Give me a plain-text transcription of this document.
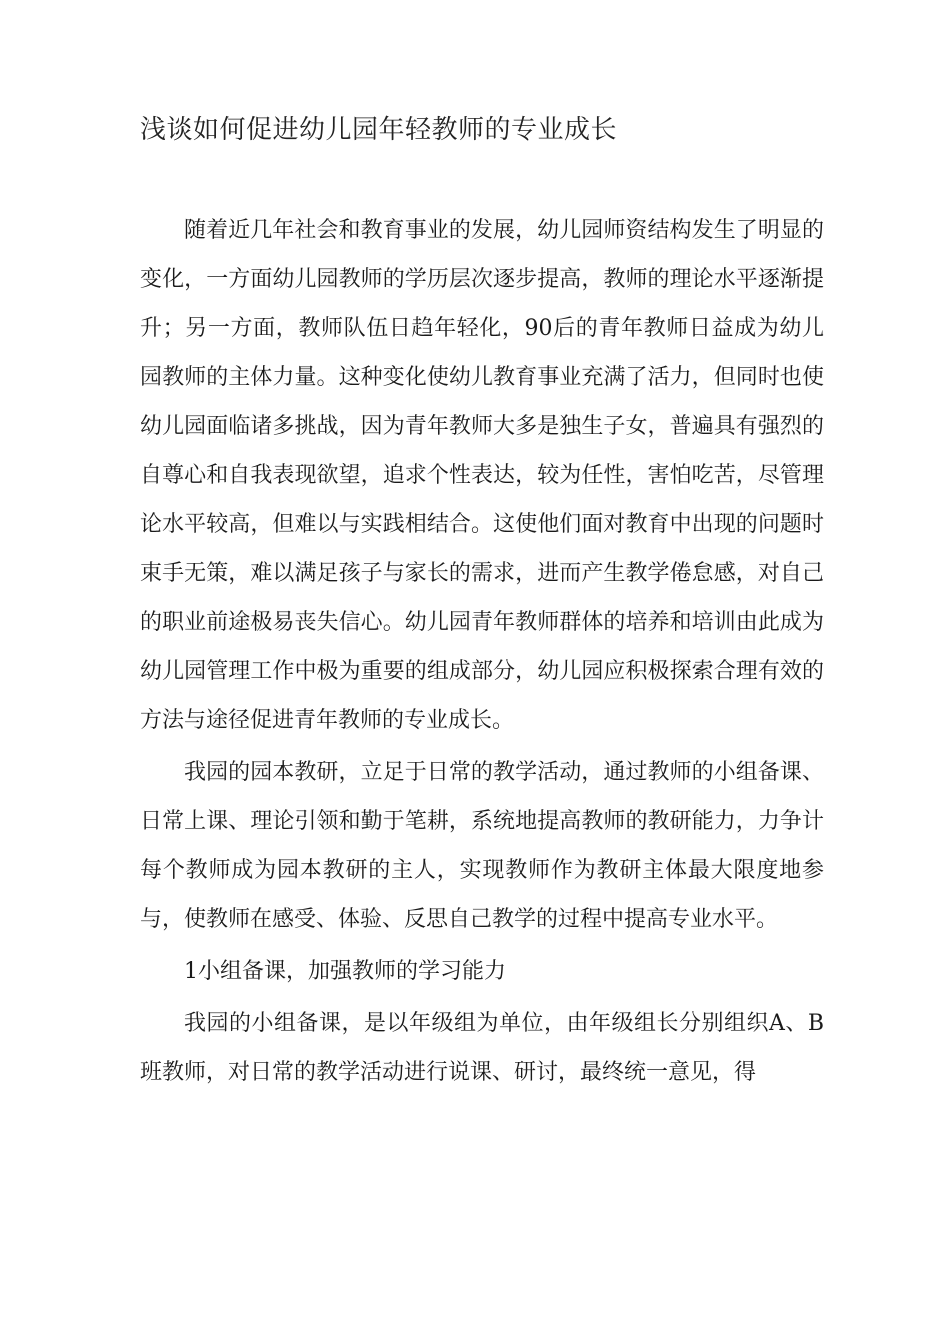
浅谈如何促进幼儿园年轻教师的专业成长

随着近几年社会和教育事业的发展，幼儿园师资结构发生了明显的变化，一方面幼儿园教师的学历层次逐步提高，教师的理论水平逐渐提升；另一方面，教师队伍日趋年轻化，90后的青年教师日益成为幼儿园教师的主体力量。这种变化使幼儿教育事业充满了活力，但同时也使幼儿园面临诸多挑战，因为青年教师大多是独生子女，普遍具有强烈的自尊心和自我表现欲望，追求个性表达，较为任性，害怕吃苦，尽管理论水平较高，但难以与实践相结合。这使他们面对教育中出现的问题时束手无策，难以满足孩子与家长的需求，进而产生教学倦怠感，对自己的职业前途极易丧失信心。幼儿园青年教师群体的培养和培训由此成为幼儿园管理工作中极为重要的组成部分，幼儿园应积极探索合理有效的方法与途径促进青年教师的专业成长。

我园的园本教研，立足于日常的教学活动，通过教师的小组备课、日常上课、理论引领和勤于笔耕，系统地提高教师的教研能力，力争计每个教师成为园本教研的主人，实现教师作为教研主体最大限度地参与，使教师在感受、体验、反思自己教学的过程中提高专业水平。

1小组备课，加强教师的学习能力

我园的小组备课，是以年级组为单位，由年级组长分别组织A、B班教师，对日常的教学活动进行说课、研讨，最终统一意见，得
